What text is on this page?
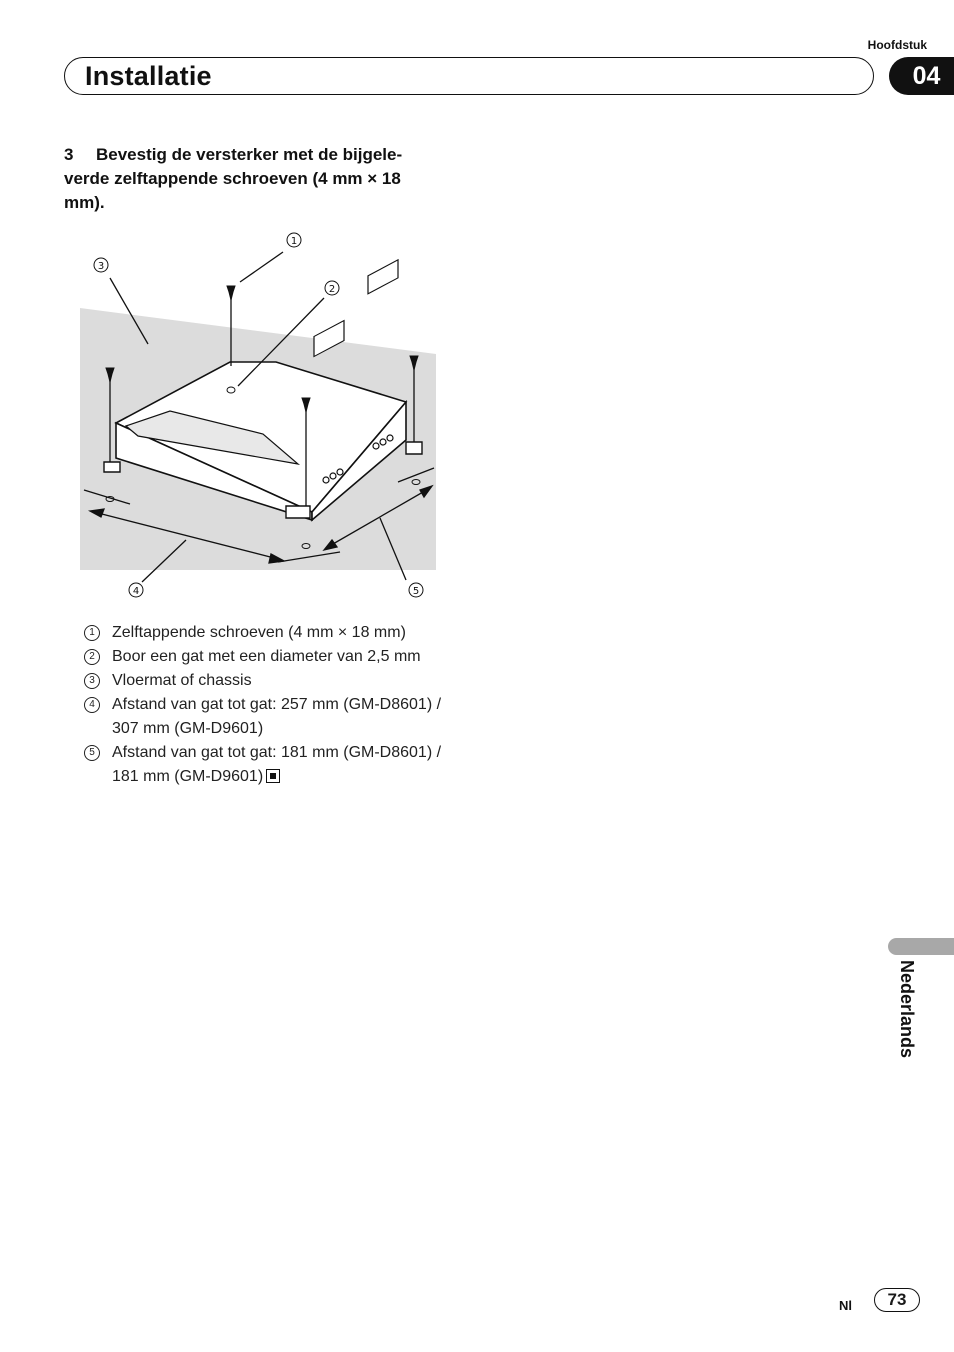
Hoofdstuk
Installatie	04
3 Bevestig de versterker met de bijgele- verde zelftappende schroeven (4 mm × 18 mm).
1
2
3
4	5
1	Zelftappende schroeven (4 mm × 18 mm)
2	Boor een gat met een diameter van 2,5 mm
3	Vloermat of chassis
4	Afstand van gat tot gat: 257 mm (GM-D8601) / 307 mm (GM-D9601)
5	Afstand van gat tot gat: 181 mm (GM-D8601) / 181 mm (GM-D9601)
Nederlands
Nl	73
